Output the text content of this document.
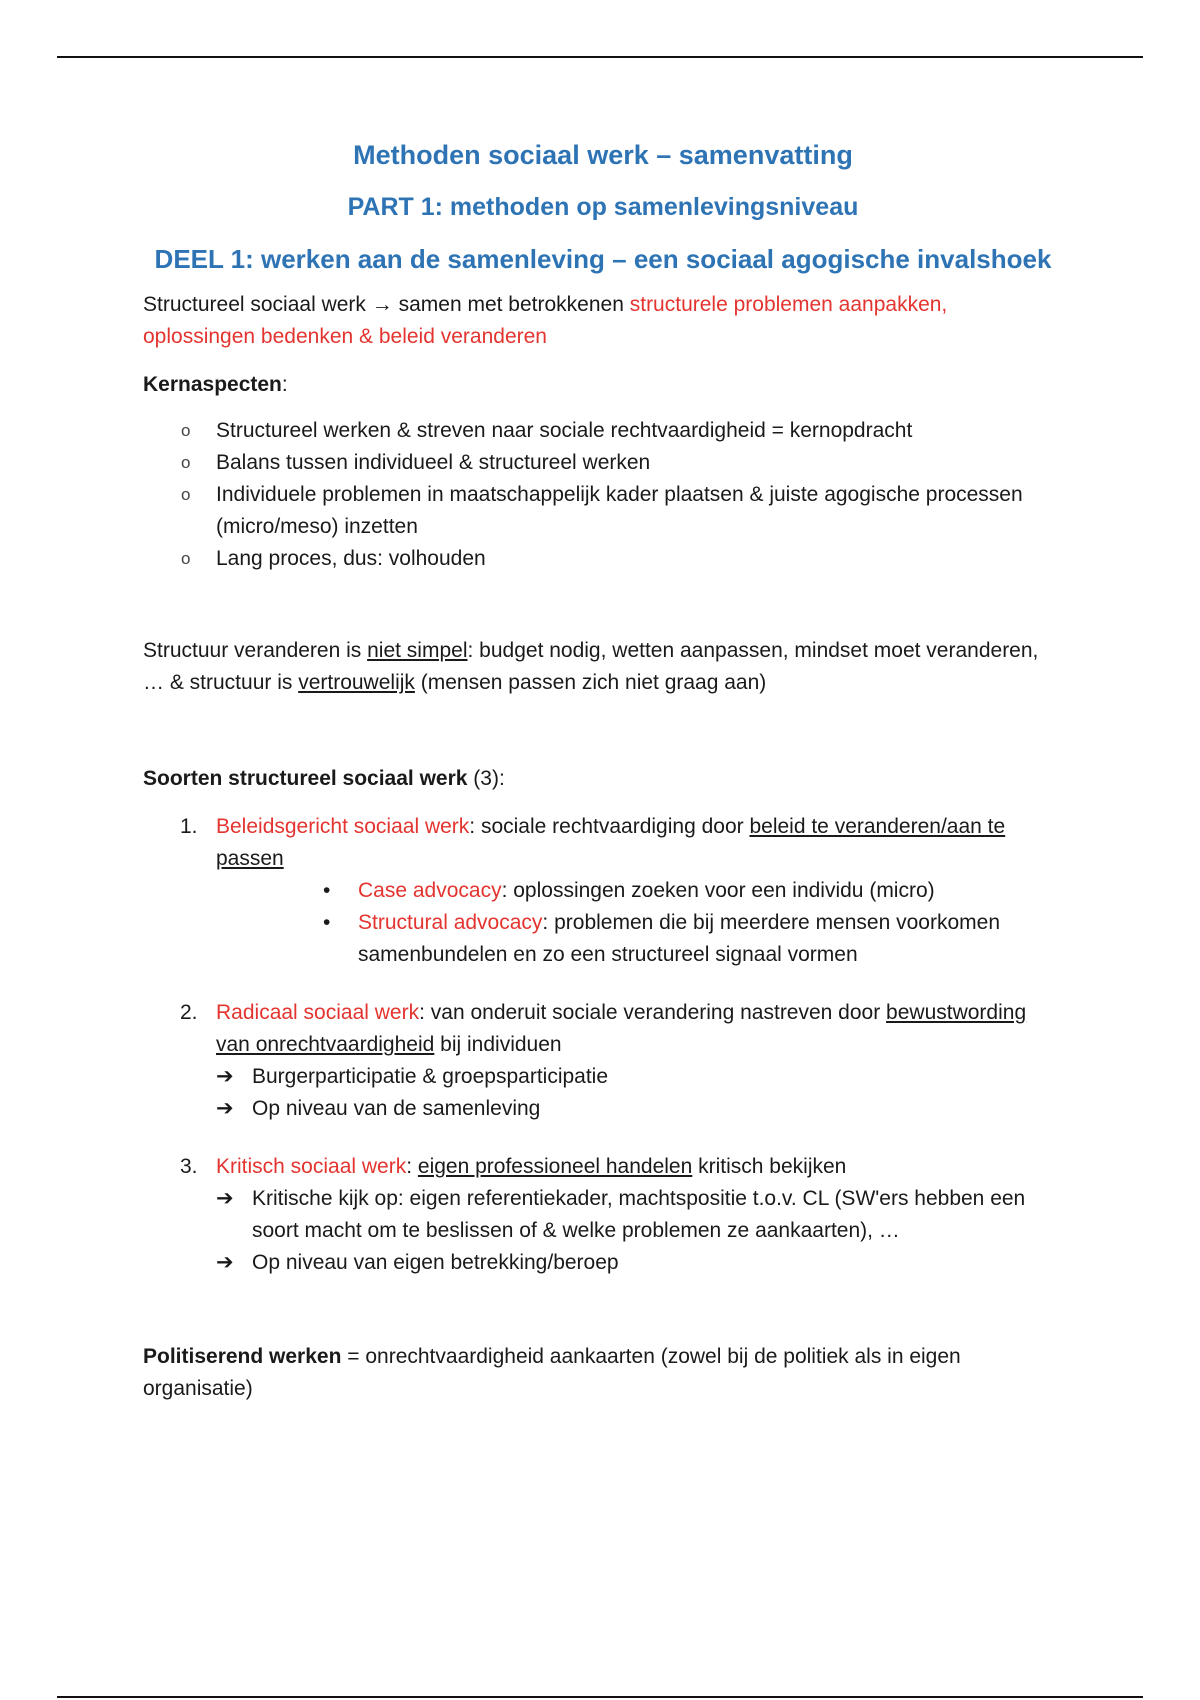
Methoden sociaal werk – samenvatting
PART 1: methoden op samenlevingsniveau
DEEL 1: werken aan de samenleving – een sociaal agogische invalshoek

Structureel sociaal werk → samen met betrokkenen structurele problemen aanpakken, oplossingen bedenken & beleid veranderen

Kernaspecten:

o Structureel werken & streven naar sociale rechtvaardigheid = kernopdracht
o Balans tussen individueel & structureel werken
o Individuele problemen in maatschappelijk kader plaatsen & juiste agogische processen (micro/meso) inzetten
o Lang proces, dus: volhouden

Structuur veranderen is niet simpel: budget nodig, wetten aanpassen, mindset moet veranderen, … & structuur is vertrouwelijk (mensen passen zich niet graag aan)

Soorten structureel sociaal werk (3):

1. Beleidsgericht sociaal werk: sociale rechtvaardiging door beleid te veranderen/aan te passen
• Case advocacy: oplossingen zoeken voor een individu (micro)
• Structural advocacy: problemen die bij meerdere mensen voorkomen samenbundelen en zo een structureel signaal vormen
2. Radicaal sociaal werk: van onderuit sociale verandering nastreven door bewustwording van onrechtvaardigheid bij individuen
➔ Burgerparticipatie & groepsparticipatie
➔ Op niveau van de samenleving
3. Kritisch sociaal werk: eigen professioneel handelen kritisch bekijken
➔ Kritische kijk op: eigen referentiekader, machtspositie t.o.v. CL (SW'ers hebben een soort macht om te beslissen of & welke problemen ze aankaarten), …
➔ Op niveau van eigen betrekking/beroep

Politiserend werken = onrechtvaardigheid aankaarten (zowel bij de politiek als in eigen organisatie)
